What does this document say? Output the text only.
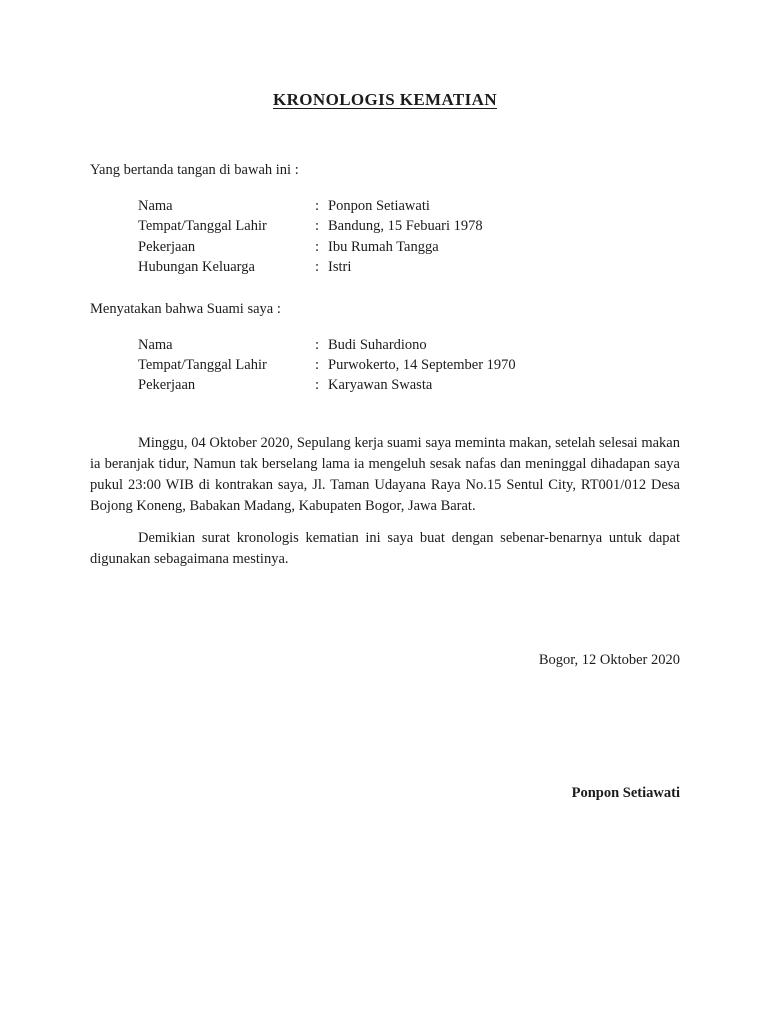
KRONOLOGIS KEMATIAN
Yang bertanda tangan di bawah ini :
Nama	: Ponpon Setiawati
Tempat/Tanggal Lahir	: Bandung, 15 Febuari 1978
Pekerjaan	: Ibu Rumah Tangga
Hubungan Keluarga	: Istri
Menyatakan bahwa Suami saya :
Nama	: Budi Suhardiono
Tempat/Tanggal Lahir	: Purwokerto, 14 September 1970
Pekerjaan	: Karyawan Swasta

Minggu, 04 Oktober 2020, Sepulang kerja suami saya meminta makan, setelah selesai makan ia beranjak tidur, Namun tak berselang lama ia mengeluh sesak nafas dan meninggal dihadapan saya pukul 23:00 WIB di kontrakan saya, Jl. Taman Udayana Raya No.15 Sentul City, RT001/012 Desa Bojong Koneng, Babakan Madang, Kabupaten Bogor, Jawa Barat.

Demikian surat kronologis kematian ini saya buat dengan sebenar-benarnya untuk dapat digunakan sebagaimana mestinya.

Bogor, 12 Oktober 2020
Ponpon Setiawati
